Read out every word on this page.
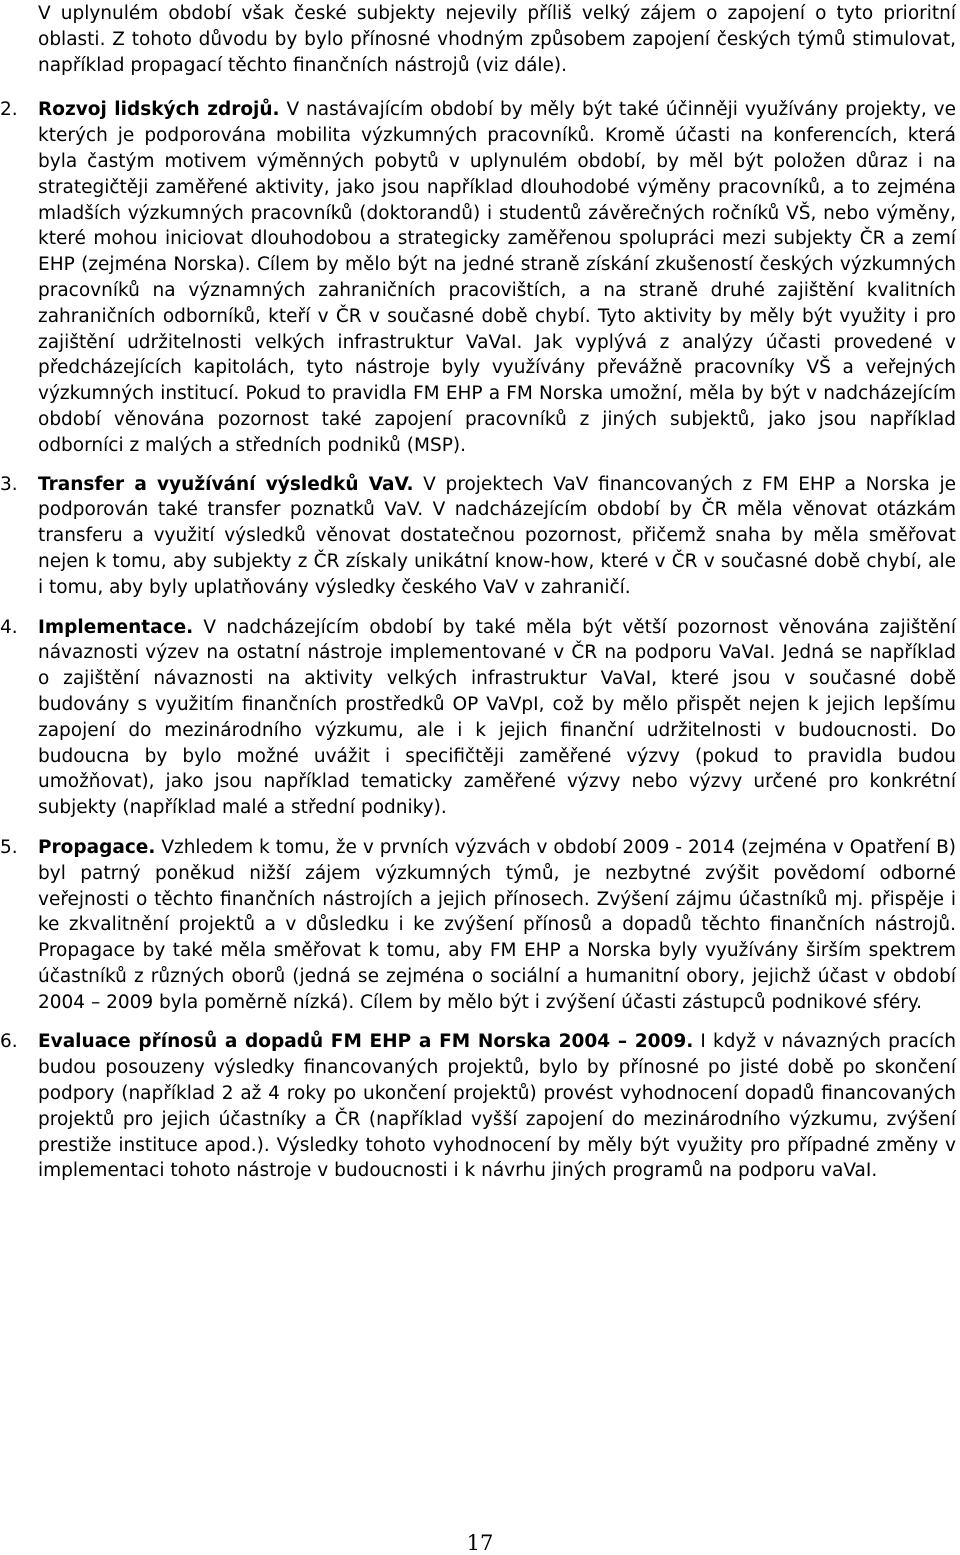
V uplynulém období však české subjekty nejevily příliš velký zájem o zapojení o tyto prioritní oblasti. Z tohoto důvodu by bylo přínosné vhodným způsobem zapojení českých týmů stimulovat, například propagací těchto finančních nástrojů (viz dále).

2. Rozvoj lidských zdrojů. V nastávajícím období by měly být také účinněji využívány projekty, ve kterých je podporována mobilita výzkumných pracovníků. Kromě účasti na konferencích, která byla častým motivem výměnných pobytů v uplynulém období, by měl být položen důraz i na strategičtěji zaměřené aktivity, jako jsou například dlouhodobé výměny pracovníků, a to zejména mladších výzkumných pracovníků (doktorandů) i studentů závěrečných ročníků VŠ, nebo výměny, které mohou iniciovat dlouhodobou a strategicky zaměřenou spolupráci mezi subjekty ČR a zemí EHP (zejména Norska). Cílem by mělo být na jedné straně získání zkušeností českých výzkumných pracovníků na významných zahraničních pracovištích, a na straně druhé zajištění kvalitních zahraničních odborníků, kteří v ČR v současné době chybí. Tyto aktivity by měly být využity i pro zajištění udržitelnosti velkých infrastruktur VaVaI. Jak vyplývá z analýzy účasti provedené v předcházejících kapitolách, tyto nástroje byly využívány převážně pracovníky VŠ a veřejných výzkumných institucí. Pokud to pravidla FM EHP a FM Norska umožní, měla by být v nadcházejícím období věnována pozornost také zapojení pracovníků z jiných subjektů, jako jsou například odborníci z malých a středních podniků (MSP).
3. Transfer a využívání výsledků VaV. V projektech VaV financovaných z FM EHP a Norska je podporován také transfer poznatků VaV. V nadcházejícím období by ČR měla věnovat otázkám transferu a využití výsledků věnovat dostatečnou pozornost, přičemž snaha by měla směřovat nejen k tomu, aby subjekty z ČR získaly unikátní know-how, které v ČR v současné době chybí, ale i tomu, aby byly uplatňovány výsledky českého VaV v zahraničí.
4. Implementace. V nadcházejícím období by také měla být větší pozornost věnována zajištění návaznosti výzev na ostatní nástroje implementované v ČR na podporu VaVaI. Jedná se například o zajištění návaznosti na aktivity velkých infrastruktur VaVaI, které jsou v současné době budovány s využitím finančních prostředků OP VaVpI, což by mělo přispět nejen k jejich lepšímu zapojení do mezinárodního výzkumu, ale i k jejich finanční udržitelnosti v budoucnosti. Do budoucna by bylo možné uvážit i specifičtěji zaměřené výzvy (pokud to pravidla budou umožňovat), jako jsou například tematicky zaměřené výzvy nebo výzvy určené pro konkrétní subjekty (například malé a střední podniky).
5. Propagace. Vzhledem k tomu, že v prvních výzvách v období 2009 - 2014 (zejména v Opatření B) byl patrný poněkud nižší zájem výzkumných týmů, je nezbytné zvýšit povědomí odborné veřejnosti o těchto finančních nástrojích a jejich přínosech. Zvýšení zájmu účastníků mj. přispěje i ke zkvalitnění projektů a v důsledku i ke zvýšení přínosů a dopadů těchto finančních nástrojů. Propagace by také měla směřovat k tomu, aby FM EHP a Norska byly využívány širším spektrem účastníků z různých oborů (jedná se zejména o sociální a humanitní obory, jejichž účast v období 2004 – 2009 byla poměrně nízká). Cílem by mělo být i zvýšení účasti zástupců podnikové sféry.
6. Evaluace přínosů a dopadů FM EHP a FM Norska 2004 – 2009. I když v návazných pracích budou posouzeny výsledky financovaných projektů, bylo by přínosné po jisté době po skončení podpory (například 2 až 4 roky po ukončení projektů) provést vyhodnocení dopadů financovaných projektů pro jejich účastníky a ČR (například vyšší zapojení do mezinárodního výzkumu, zvýšení prestiže instituce apod.). Výsledky tohoto vyhodnocení by měly být využity pro případné změny v implementaci tohoto nástroje v budoucnosti i k návrhu jiných programů na podporu vaVaI.
17
